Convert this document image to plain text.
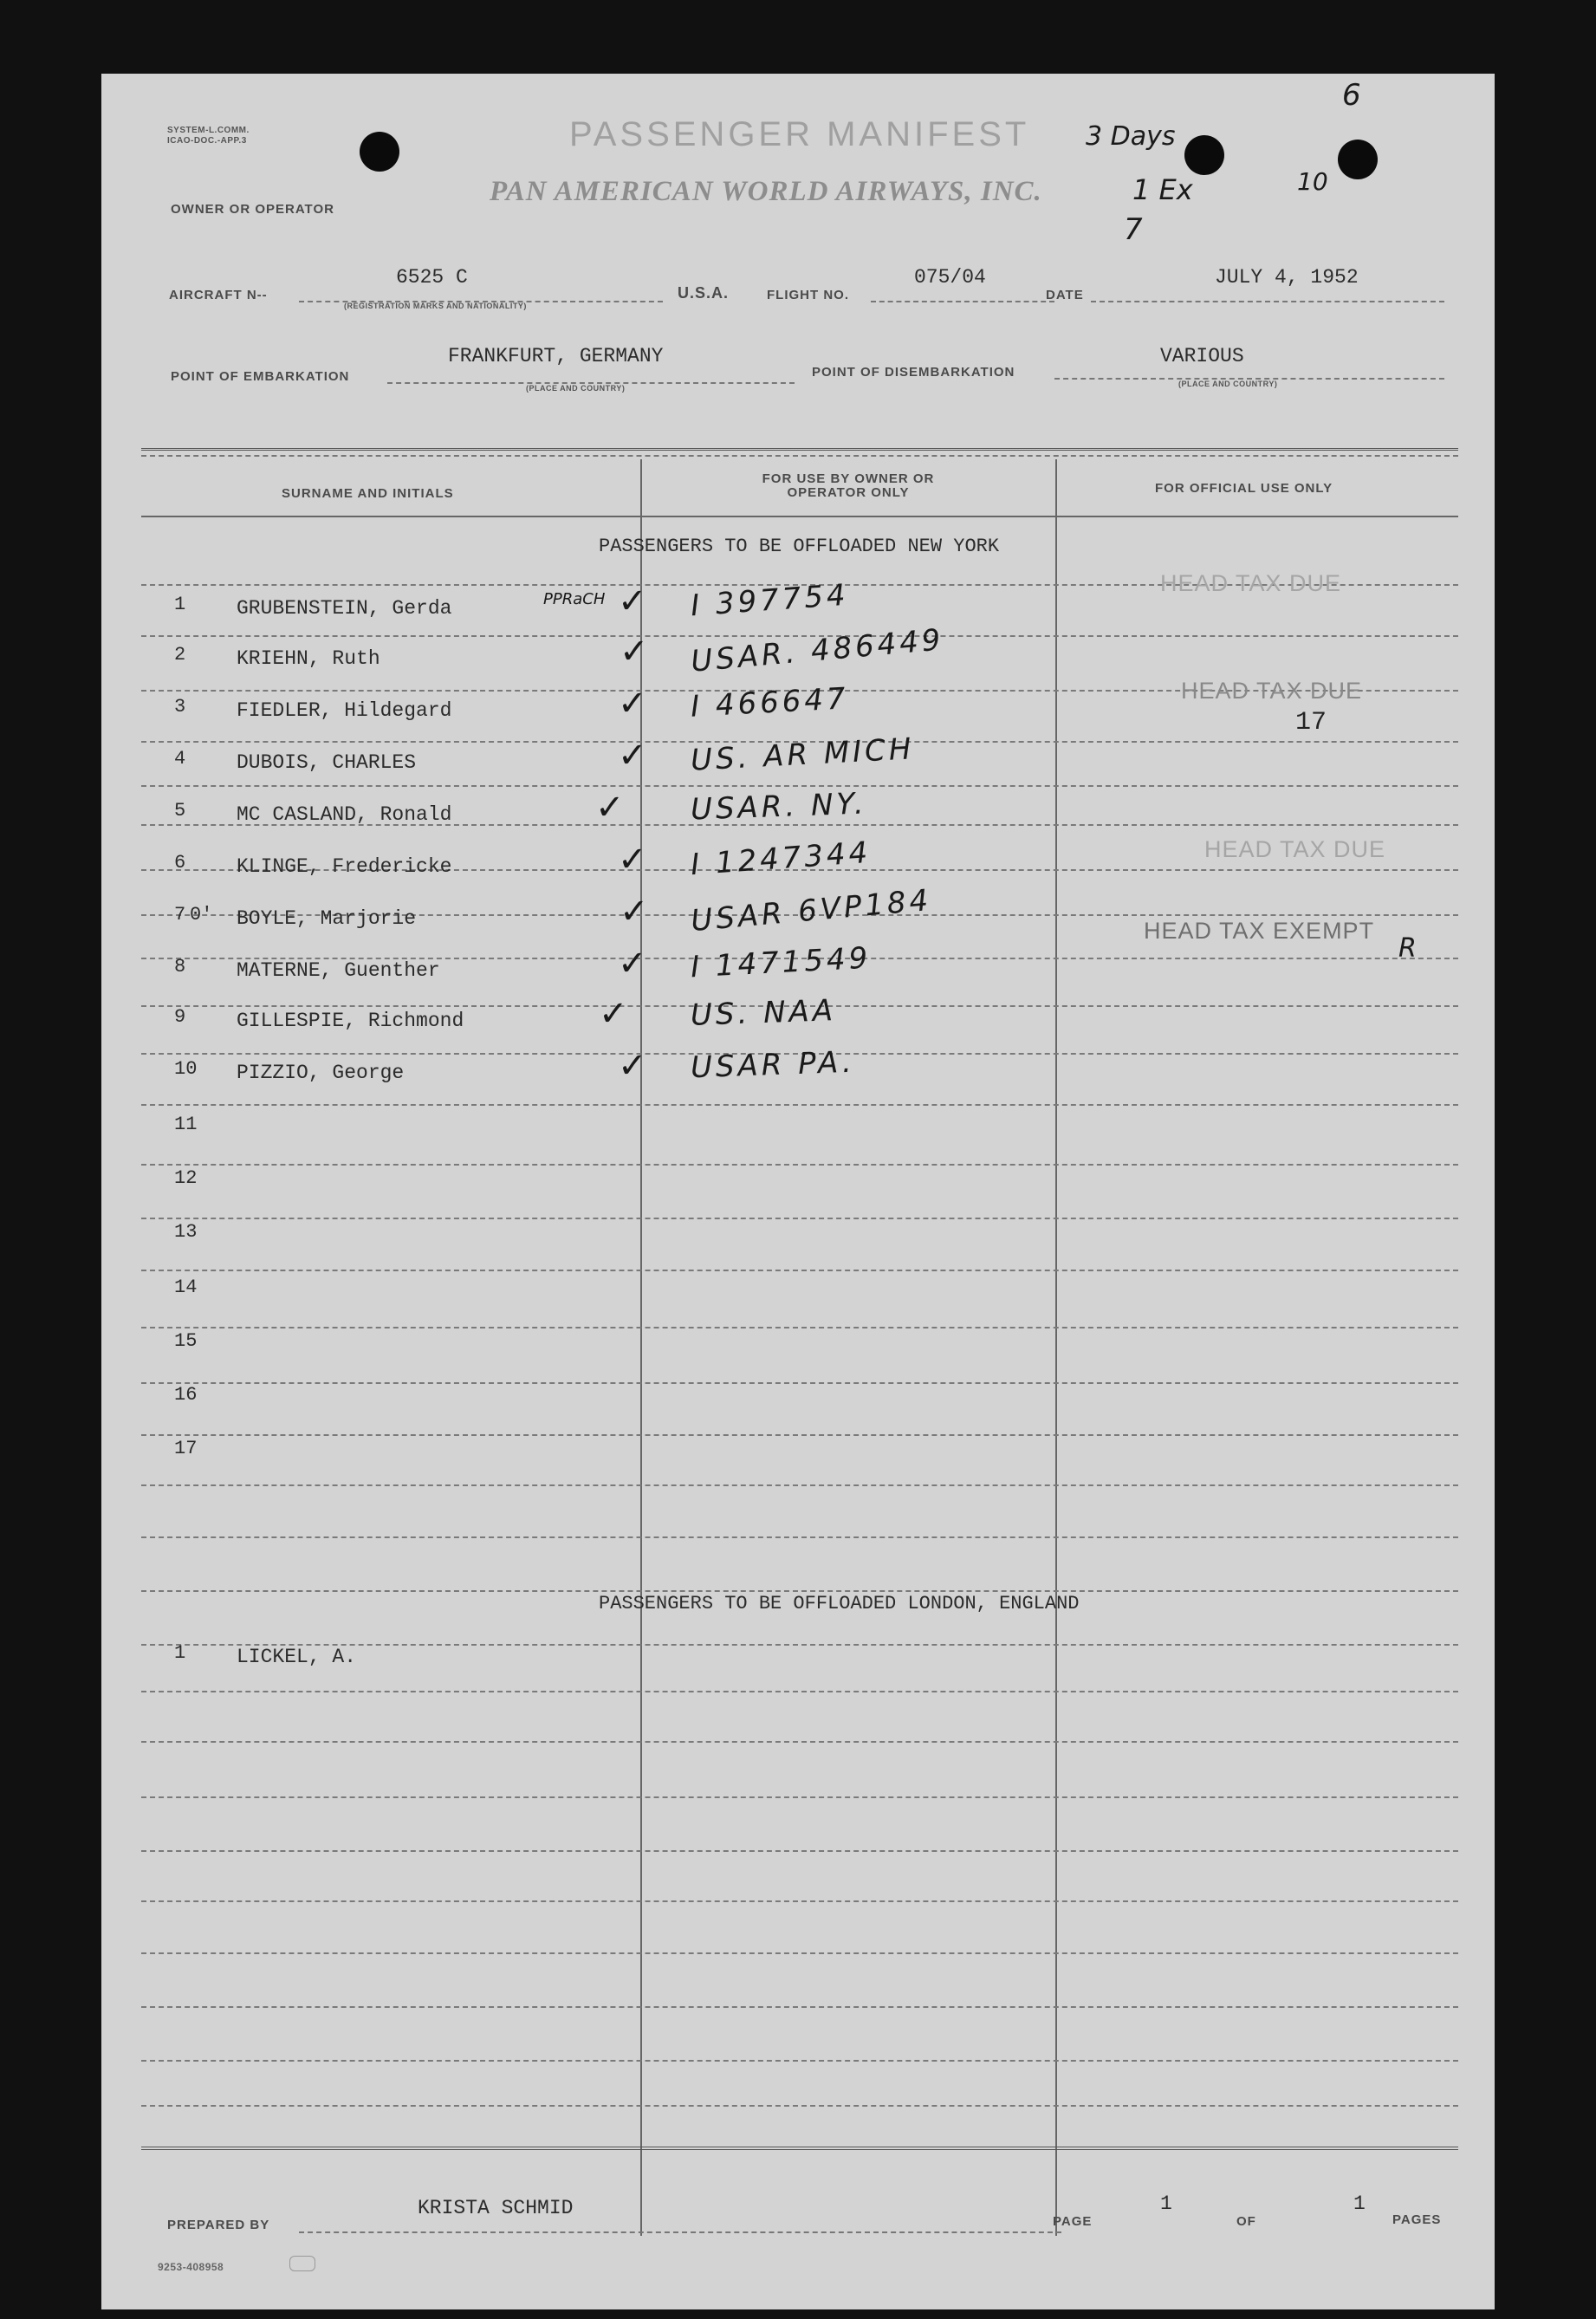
SYSTEM-L.COMM. ICAO-DOC.-APP.3	PASSENGER MANIFEST
PAN AMERICAN WORLD AIRWAYS, INC.
OWNER OR OPERATOR
6
3 Days
1 Ex
7
10
AIRCRAFT N--
6525 C
(REGISTRATION MARKS AND NATIONALITY)
U.S.A.	FLIGHT NO.
075/04
DATE
JULY 4, 1952
POINT OF EMBARKATION
FRANKFURT, GERMANY
(PLACE AND COUNTRY)
POINT OF DISEMBARKATION
VARIOUS
(PLACE AND COUNTRY)
SURNAME AND INITIALS
FOR USE BY OWNER OR OPERATOR ONLY	FOR OFFICIAL USE ONLY
PASSENGERS TO BE OFFLOADED NEW YORK
1	GRUBENSTEIN, Gerda	PPRaCH ✓ I 397754
2	KRIEHN, Ruth	✓ USAR. 486449
3	FIEDLER, Hildegard	✓ I 466647
4	DUBOIS, CHARLES	✓ US. AR MICH
5	MC CASLAND, Ronald	✓ USAR. NY.
6	KLINGE, Fredericke	✓ I 1247344
7 0' BOYLE, Marjorie	✓ USAR 6VP184
8	MATERNE, Guenther	✓ I 1471549
9	GILLESPIE, Richmond	✓ US. NAA
10 PIZZIO, George	✓ USAR PA.
11
12
13
14
15
16
17
HEAD TAX DUE
HEAD TAX DUE
17
HEAD TAX DUE
HEAD TAX EXEMPT
R
PASSENGERS TO BE OFFLOADED LONDON, ENGLAND
1	LICKEL, A.
PREPARED BY
KRISTA SCHMID
PAGE
1
OF
1
PAGES
9253-408958
